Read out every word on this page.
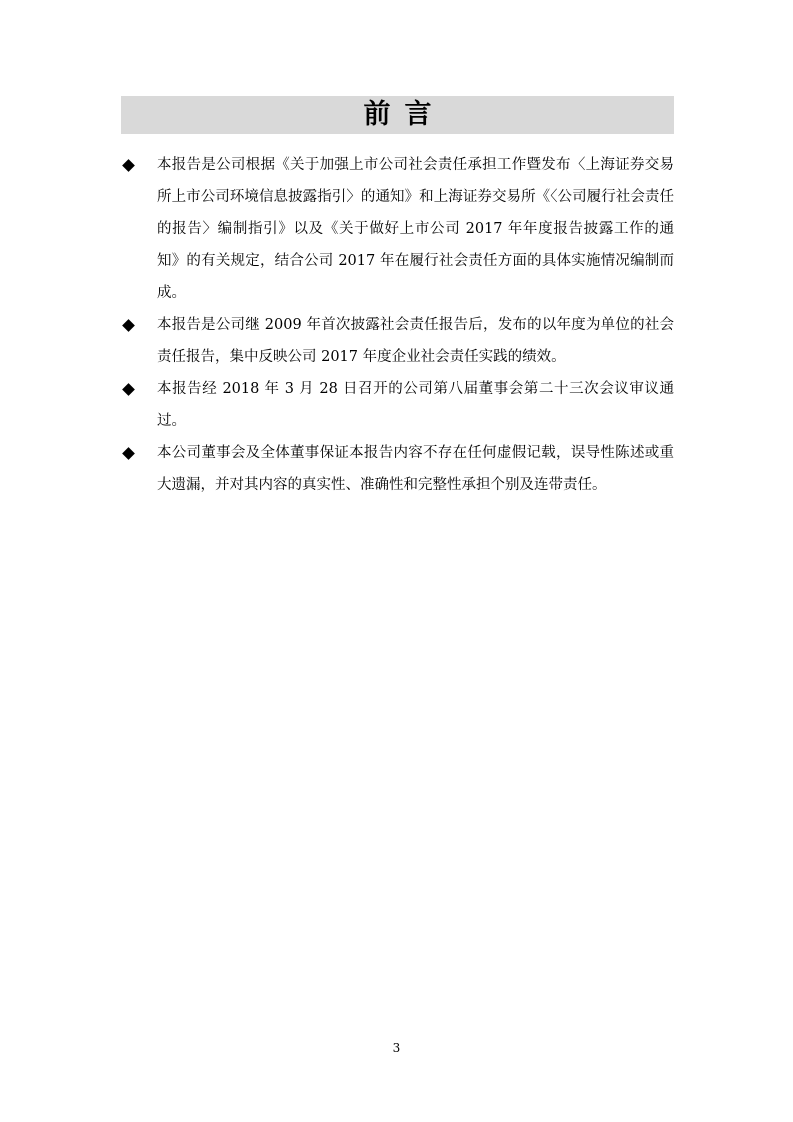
前言
本报告是公司根据《关于加强上市公司社会责任承担工作暨发布〈上海证券交易所上市公司环境信息披露指引〉的通知》和上海证券交易所《〈公司履行社会责任的报告〉编制指引》以及《关于做好上市公司 2017 年年度报告披露工作的通知》的有关规定，结合公司 2017 年在履行社会责任方面的具体实施情况编制而成。
本报告是公司继 2009 年首次披露社会责任报告后，发布的以年度为单位的社会责任报告，集中反映公司 2017 年度企业社会责任实践的绩效。
本报告经 2018 年 3 月 28 日召开的公司第八届董事会第二十三次会议审议通过。
本公司董事会及全体董事保证本报告内容不存在任何虚假记载，误导性陈述或重大遗漏，并对其内容的真实性、准确性和完整性承担个别及连带责任。
3
